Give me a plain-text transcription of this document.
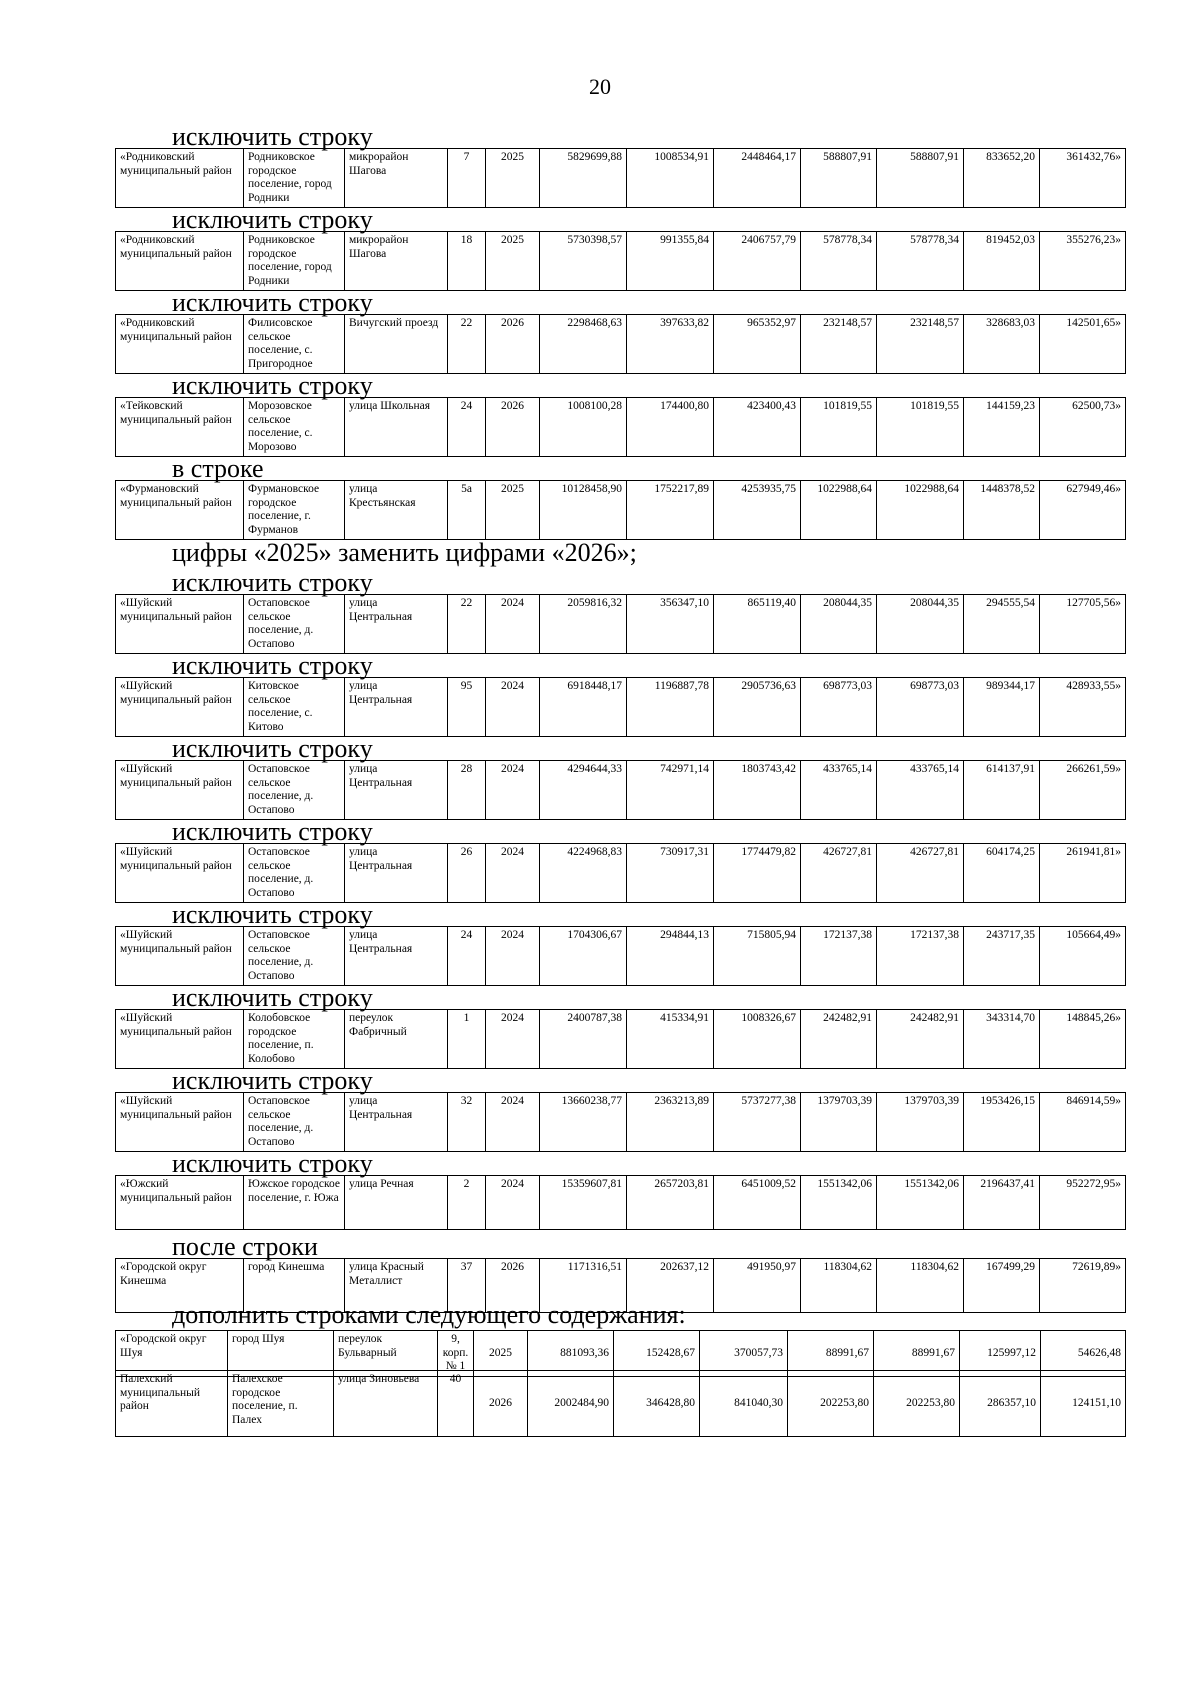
20
исключить строку
«Родниковский муниципальный район	Родниковское городское поселение, город Родники	микрорайон Шагова	7	2025	5829699,88	1008534,91	2448464,17	588807,91	588807,91	833652,20	361432,76»
исключить строку
«Родниковский муниципальный район	Родниковское городское поселение, город Родники	микрорайон Шагова	18	2025	5730398,57	991355,84	2406757,79	578778,34	578778,34	819452,03	355276,23»
исключить строку
«Родниковский муниципальный район	Филисовское сельское поселение, с. Пригородное	Вичугский проезд	22	2026	2298468,63	397633,82	965352,97	232148,57	232148,57	328683,03	142501,65»
исключить строку
«Тейковский муниципальный район	Морозовское сельское поселение, с. Морозово	улица Школьная	24	2026	1008100,28	174400,80	423400,43	101819,55	101819,55	144159,23	62500,73»
в строке
«Фурмановский муниципальный район	Фурмановское городское поселение, г. Фурманов	улица Крестьянская	5а	2025	10128458,90	1752217,89	4253935,75	1022988,64	1022988,64	1448378,52	627949,46»
цифры «2025» заменить цифрами «2026»;
исключить строку
«Шуйский муниципальный район	Остаповское сельское поселение, д. Остапово	улица Центральная	22	2024	2059816,32	356347,10	865119,40	208044,35	208044,35	294555,54	127705,56»
исключить строку
«Шуйский муниципальный район	Китовское сельское поселение, с. Китово	улица Центральная	95	2024	6918448,17	1196887,78	2905736,63	698773,03	698773,03	989344,17	428933,55»
исключить строку
«Шуйский муниципальный район	Остаповское сельское поселение, д. Остапово	улица Центральная	28	2024	4294644,33	742971,14	1803743,42	433765,14	433765,14	614137,91	266261,59»
исключить строку
«Шуйский муниципальный район	Остаповское сельское поселение, д. Остапово	улица Центральная	26	2024	4224968,83	730917,31	1774479,82	426727,81	426727,81	604174,25	261941,81»
исключить строку
«Шуйский муниципальный район	Остаповское сельское поселение, д. Остапово	улица Центральная	24	2024	1704306,67	294844,13	715805,94	172137,38	172137,38	243717,35	105664,49»
исключить строку
«Шуйский муниципальный район	Колобовское городское поселение, п. Колобово	переулок Фабричный	1	2024	2400787,38	415334,91	1008326,67	242482,91	242482,91	343314,70	148845,26»
исключить строку
«Шуйский муниципальный район	Остаповское сельское поселение, д. Остапово	улица Центральная	32	2024	13660238,77	2363213,89	5737277,38	1379703,39	1379703,39	1953426,15	846914,59»
исключить строку
«Южский муниципальный район	Южское городское поселение, г. Южа	улица Речная	2	2024	15359607,81	2657203,81	6451009,52	1551342,06	1551342,06	2196437,41	952272,95»
после строки
«Городской округ Кинешма	город Кинешма	улица Красный Металлист	37	2026	1171316,51	202637,12	491950,97	118304,62	118304,62	167499,29	72619,89»
дополнить строками следующего содержания:
«Городской округ Шуя	город Шуя	переулок Бульварный	9, корп. № 1	2025	881093,36	152428,67	370057,73	88991,67	88991,67	125997,12	54626,48
Палехский муниципальный район	Палехское городское поселение, п. Палех	улица Зиновьева	40	2026	2002484,90	346428,80	841040,30	202253,80	202253,80	286357,10	124151,10
